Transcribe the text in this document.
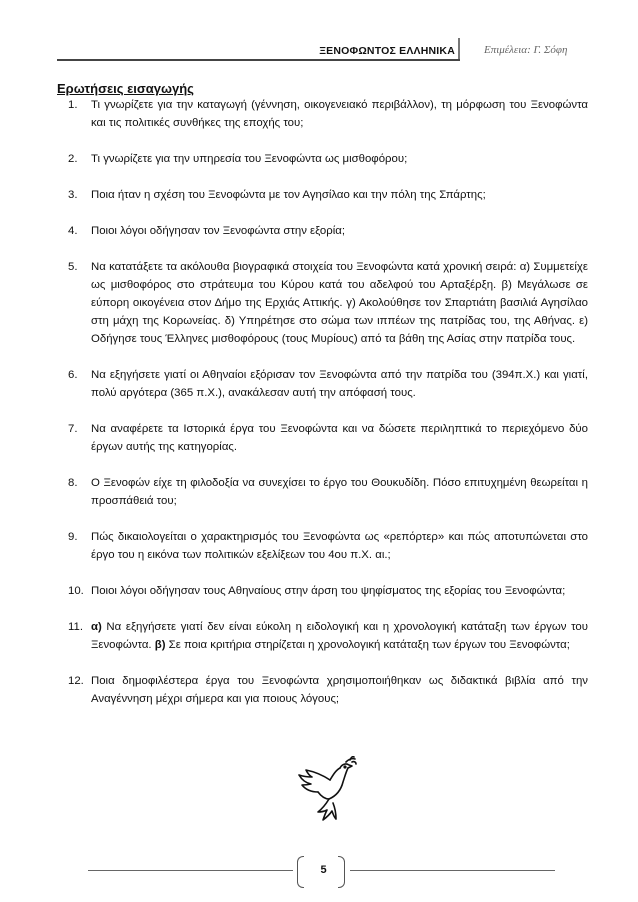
ΞΕΝΟΦΩΝΤΟΣ ΕΛΛΗΝΙΚΑ	Επιμέλεια: Γ. Σόφη
Ερωτήσεις εισαγωγής
1. Τι γνωρίζετε για την καταγωγή (γέννηση, οικογενειακό περιβάλλον), τη μόρφωση του Ξενοφώντα και τις πολιτικές συνθήκες της εποχής του;
2. Τι γνωρίζετε για την υπηρεσία του Ξενοφώντα ως μισθοφόρου;
3. Ποια ήταν η σχέση του Ξενοφώντα με τον Αγησίλαο και την πόλη της Σπάρτης;
4. Ποιοι λόγοι οδήγησαν τον Ξενοφώντα στην εξορία;
5. Να κατατάξετε τα ακόλουθα βιογραφικά στοιχεία του Ξενοφώντα κατά χρονική σειρά: α) Συμμετείχε ως μισθοφόρος στο στράτευμα του Κύρου κατά του αδελφού του Αρταξέρξη. β) Μεγάλωσε σε εύπορη οικογένεια στον Δήμο της Ερχιάς Αττικής. γ) Ακολούθησε τον Σπαρτιάτη βασιλιά Αγησίλαο στη μάχη της Κορωνείας. δ) Υπηρέτησε στο σώμα των ιππέων της πατρίδας του, της Αθήνας. ε) Οδήγησε τους Έλληνες μισθοφόρους (τους Μυρίους) από τα βάθη της Ασίας στην πατρίδα τους.
6. Να εξηγήσετε γιατί οι Αθηναίοι εξόρισαν τον Ξενοφώντα από την πατρίδα του (394π.Χ.) και γιατί, πολύ αργότερα (365 π.Χ.), ανακάλεσαν αυτή την απόφασή τους.
7. Να αναφέρετε τα Ιστορικά έργα του Ξενοφώντα και να δώσετε περιληπτικά το περιεχόμενο δύο έργων αυτής της κατηγορίας.
8. Ο Ξενοφών είχε τη φιλοδοξία να συνεχίσει το έργο του Θουκυδίδη. Πόσο επιτυχημένη θεωρείται η προσπάθειά του;
9. Πώς δικαιολογείται ο χαρακτηρισμός του Ξενοφώντα ως «ρεπόρτερ» και πώς αποτυπώνεται στο έργο του η εικόνα των πολιτικών εξελίξεων του 4ου π.Χ. αι.;
10. Ποιοι λόγοι οδήγησαν τους Αθηναίους στην άρση του ψηφίσματος της εξορίας του Ξενοφώντα;
11. α) Να εξηγήσετε γιατί δεν είναι εύκολη η ειδολογική και η χρονολογική κατάταξη των έργων του Ξενοφώντα. β) Σε ποια κριτήρια στηρίζεται η χρονολογική κατάταξη των έργων του Ξενοφώντα;
12. Ποια δημοφιλέστερα έργα του Ξενοφώντα χρησιμοποιήθηκαν ως διδακτικά βιβλία από την Αναγέννηση μέχρι σήμερα και για ποιους λόγους;
5
